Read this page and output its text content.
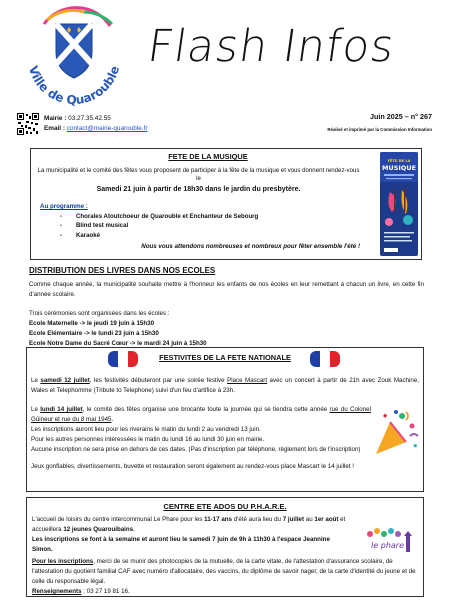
Ville de Quarouble Flash Infos
Mairie : 03.27.35.42.55
Email : contact@mairie-quarouble.fr
Juin 2025 – n° 267
Réalisé et imprimé par la Commission Information
FETE DE LA MUSIQUE
La municipalité et le comité des fêtes vous proposent de participer à la fête de la musique et vous donnent rendez-vous le
Samedi 21 juin à partir de 18h30 dans le jardin du presbytère.
Au programme :
- Chorales Atoutchoeur de Quarouble et Enchanteur de Sebourg
- Blind test musical
- Karaoké
Nous vous attendons nombreuses et nombreux pour fêter ensemble l'été !
FÊTE DE LA
MUSIQUE
DISTRIBUTION DES LIVRES DANS NOS ECOLES
Comme chaque année, la municipalité souhaite mettre à l'honneur les enfants de nos écoles en leur remettant à chacun un livre, en cette fin d'année scolaire.
Trois cérémonies sont organisées dans les écoles :
Ecole Maternelle -> le jeudi 19 juin à 15h30
Ecole Elémentaire -> le lundi 23 juin à 15h30
Ecole Notre Dame du Sacré Cœur -> le mardi 24 juin à 15h30
FESTIVITES DE LA FETE NATIONALE
Le samedi 12 juillet, les festivités débuteront par une soirée festive Place Mascart avec un concert à partir de 21h avec Zouk Machine, Wales et Telephomme (Tribute to Telephone) suivi d'un feu d'artifice à 23h.
Le lundi 14 juillet, le comité des fêtes organise une brocante toute la journée qui se tiendra cette année rue du Colonel Gûineur et rue du 8 mai 1945.
Les inscriptions auront lieu pour les riverains le matin du lundi 2 au vendredi 13 juin.
Pour les autres personnes intéressées le matin du lundi 16 au lundi 30 juin en mairie.
Aucune inscription ne sera prise en dehors de ces dates. (Pas d'inscription par téléphone, règlement lors de l'inscription)
Jeux gonflables, divertissements, buvette et restauration seront également au rendez-vous place Mascart le 14 juillet !
CENTRE ETE ADOS DU P.H.A.R.E.
L'accueil de loisirs du centre intercommunal Le Phare pour les 11-17 ans d'été aura lieu du 7 juillet au 1er août et accueillera 12 jeunes Quarouibains.
Les inscriptions se font à la semaine et auront lieu le samedi 7 juin de 9h à 11h30 à l'espace Jeannine Simon.	le phare
Pour les inscriptions, merci de se munir des photocopies de la mutuelle, de la carte vitale, de l'attestation d'assurance scolaire, de l'attestation du quotient familial CAF avec numéro d'allocataire, des vaccins, du diplôme de savoir nager, de la carte d'identité du jeune et de celle du responsable légal.
Renseignements : 03 27 19 81 16.
